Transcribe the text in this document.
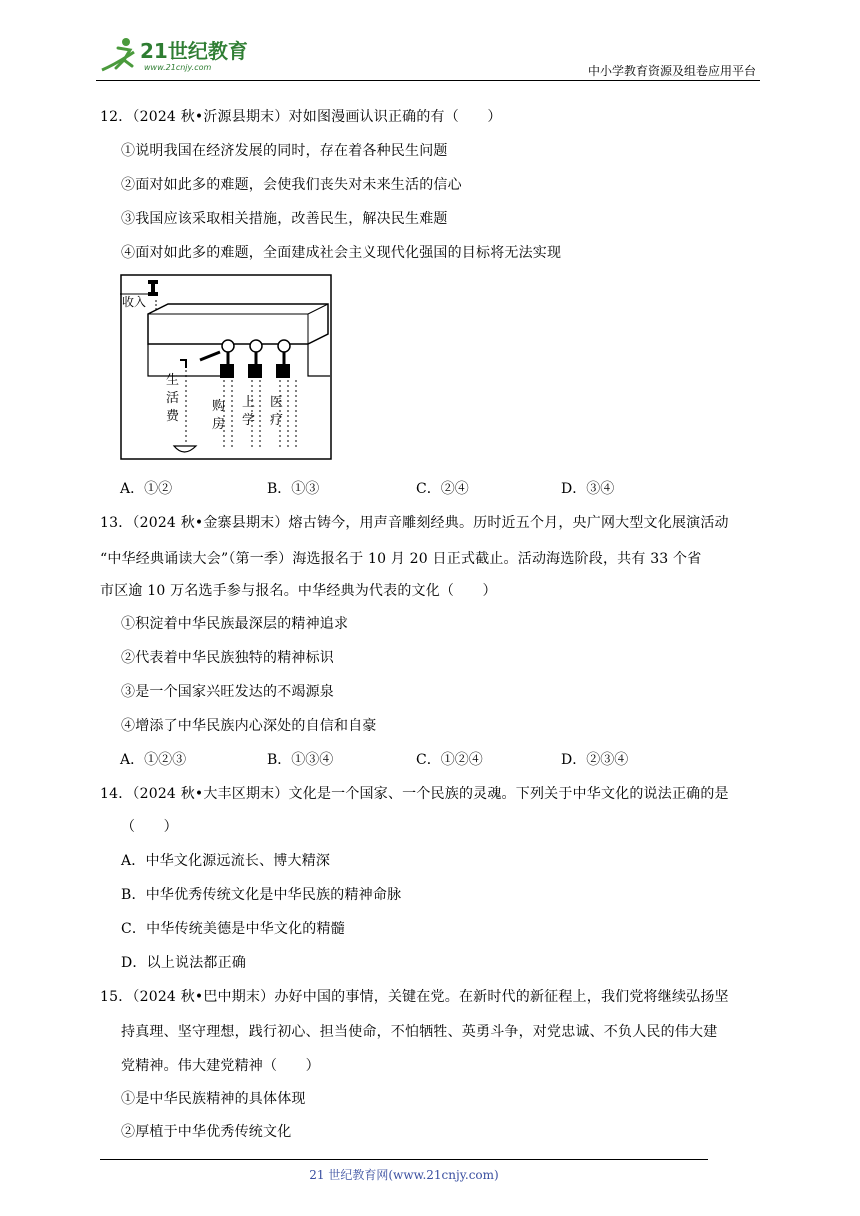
21世纪教育
www.21cnjy.com	中小学教育资源及组卷应用平台
12．（2024 秋•沂源县期末）对如图漫画认识正确的有（　　）
①说明我国在经济发展的同时，存在着各种民生问题
②面对如此多的难题，会使我们丧失对未来生活的信心
③我国应该采取相关措施，改善民生，解决民生难题
④面对如此多的难题，全面建成社会主义现代化强国的目标将无法实现
收入
生活费
购房
上学
医疗
A．①②	B．①③	C．②④	D．③④
13．（2024 秋•金寨县期末）熔古铸今，用声音雕刻经典。历时近五个月，央广网大型文化展演活动
“中华经典诵读大会”（第一季）海选报名于 10 月 20 日正式截止。活动海选阶段，共有 33 个省
市区逾 10 万名选手参与报名。中华经典为代表的文化（　　）
①积淀着中华民族最深层的精神追求
②代表着中华民族独特的精神标识
③是一个国家兴旺发达的不竭源泉
④增添了中华民族内心深处的自信和自豪
A．①②③	B．①③④	C．①②④	D．②③④
14．（2024 秋•大丰区期末）文化是一个国家、一个民族的灵魂。下列关于中华文化的说法正确的是
（　　）
A．中华文化源远流长、博大精深
B．中华优秀传统文化是中华民族的精神命脉
C．中华传统美德是中华文化的精髓
D．以上说法都正确
15．（2024 秋•巴中期末）办好中国的事情，关键在党。在新时代的新征程上，我们党将继续弘扬坚
持真理、坚守理想，践行初心、担当使命，不怕牺牲、英勇斗争，对党忠诚、不负人民的伟大建
党精神。伟大建党精神（　　）
①是中华民族精神的具体体现
②厚植于中华优秀传统文化
21 世纪教育网(www.21cnjy.com)
